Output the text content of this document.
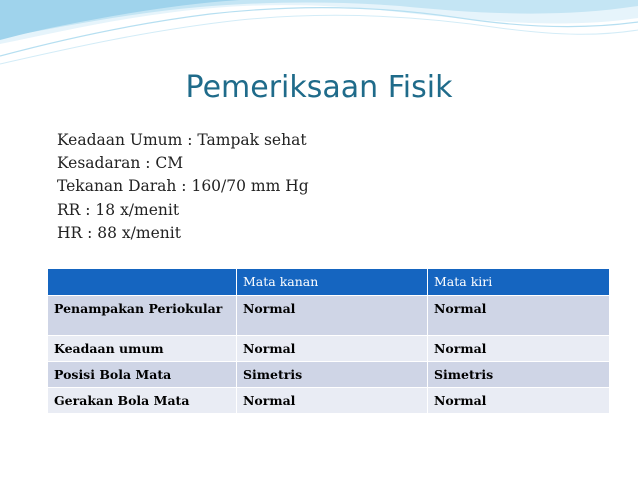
Pemeriksaan Fisik
Keadaan Umum : Tampak sehat
Kesadaran : CM
Tekanan Darah : 160/70 mm Hg
RR : 18 x/menit
HR : 88 x/menit
	Mata kanan	Mata kiri
Penampakan Periokular	Normal	Normal
Keadaan umum	Normal	Normal
Posisi Bola Mata	Simetris	Simetris
Gerakan Bola Mata	Normal	Normal
